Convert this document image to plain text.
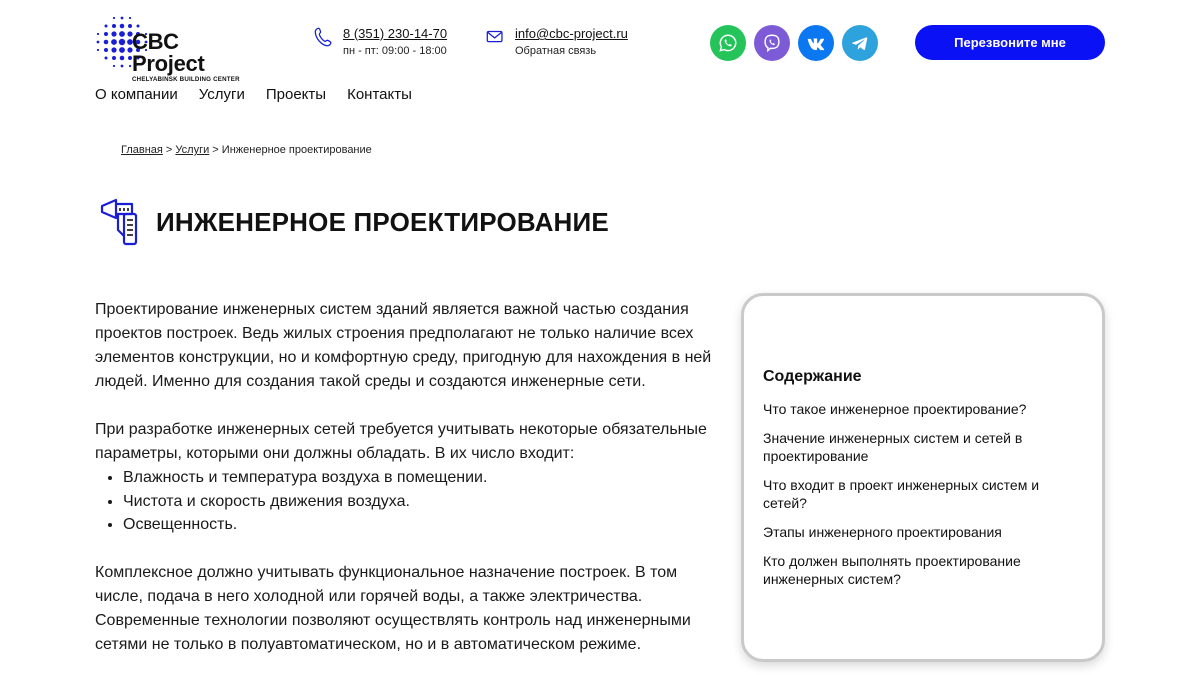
CBC Project
CHELYABINSK BUILDING CENTER
8 (351) 230-14-70
пн - пт: 09:00 - 18:00
info@cbc-project.ru
Обратная связь
Перезвоните мне
О компании Услуги Проекты Контакты
Главная > Услуги > Инженерное проектирование
ИНЖЕНЕРНОЕ ПРОЕКТИРОВАНИЕ

Проектирование инженерных систем зданий является важной частью создания проектов построек. Ведь жилых строения предполагают не только наличие всех элементов конструкции, но и комфортную среду, пригодную для нахождения в ней людей. Именно для создания такой среды и создаются инженерные сети.

При разработке инженерных сетей требуется учитывать некоторые обязательные параметры, которыми они должны обладать. В их число входит:

• Влажность и температура воздуха в помещении.
• Чистота и скорость движения воздуха.
• Освещенность.

Комплексное должно учитывать функциональное назначение построек. В том числе, подача в него холодной или горячей воды, а также электричества. Современные технологии позволяют осуществлять контроль над инженерными сетями не только в полуавтоматическом, но и в автоматическом режиме.

Содержание
Что такое инженерное проектирование?
Значение инженерных систем и сетей в проектирование
Что входит в проект инженерных систем и сетей?
Этапы инженерного проектирования
Кто должен выполнять проектирование инженерных систем?
